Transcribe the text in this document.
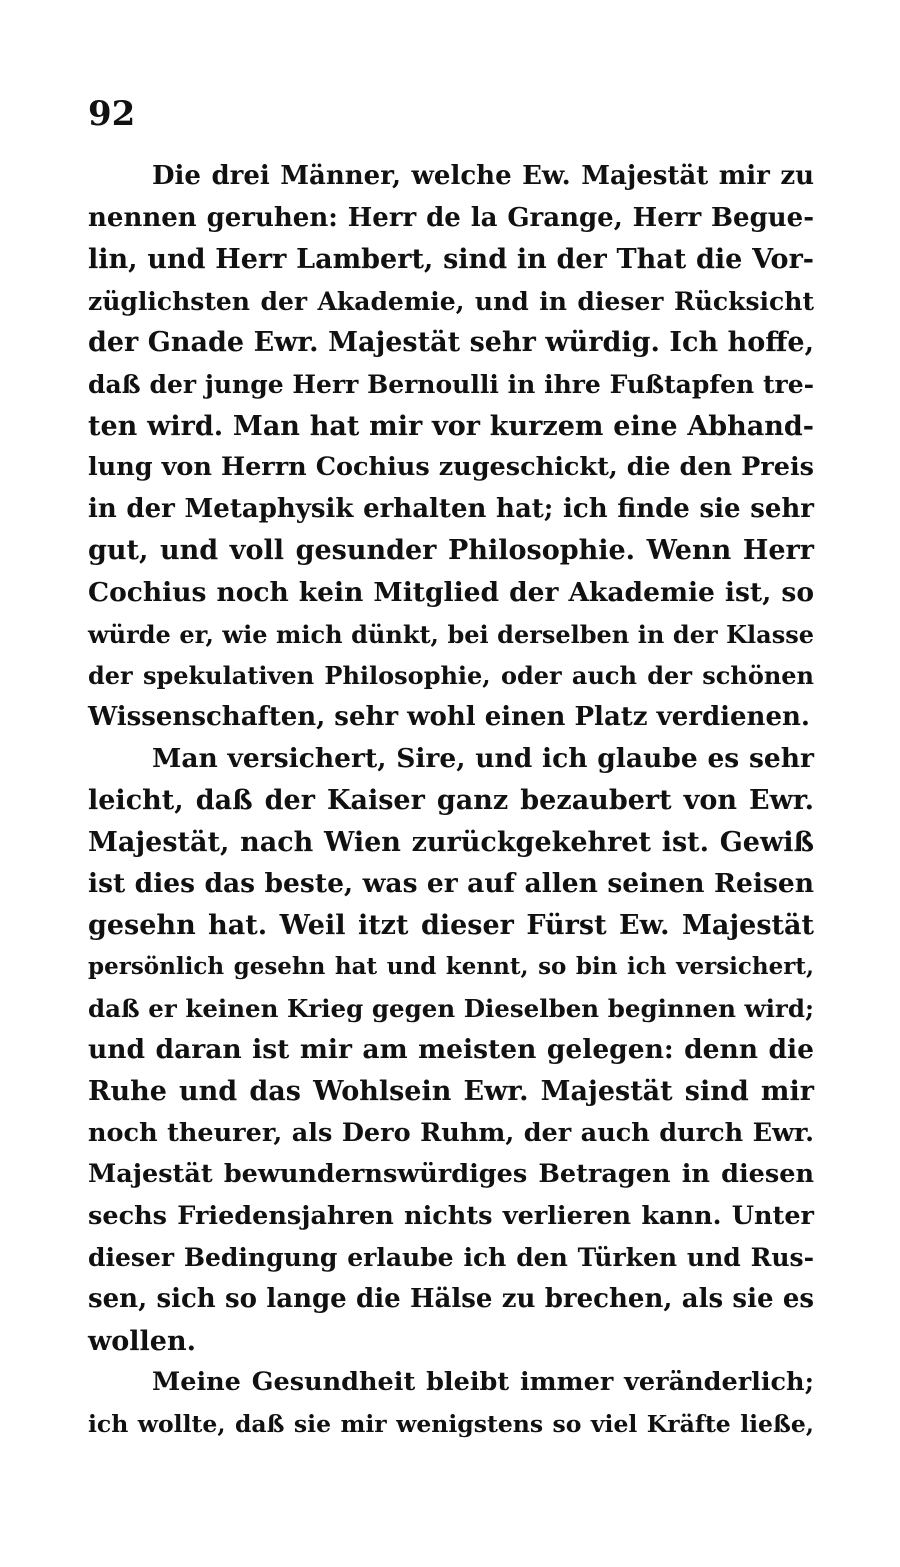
92
Die drei Männer, welche Ew. Majestät mir zu
nennen geruhen: Herr de la Grange, Herr Begue-
lin, und Herr Lambert, sind in der That die Vor-
züglichsten der Akademie, und in dieser Rücksicht
der Gnade Ewr. Majestät sehr würdig. Ich hoffe,
daß der junge Herr Bernoulli in ihre Fußtapfen tre-
ten wird. Man hat mir vor kurzem eine Abhand-
lung von Herrn Cochius zugeschickt, die den Preis
in der Metaphysik erhalten hat; ich finde sie sehr
gut, und voll gesunder Philosophie. Wenn Herr
Cochius noch kein Mitglied der Akademie ist, so
würde er, wie mich dünkt, bei derselben in der Klasse
der spekulativen Philosophie, oder auch der schönen
Wissenschaften, sehr wohl einen Platz verdienen.
Man versichert, Sire, und ich glaube es sehr
leicht, daß der Kaiser ganz bezaubert von Ewr.
Majestät, nach Wien zurückgekehret ist. Gewiß
ist dies das beste, was er auf allen seinen Reisen
gesehn hat. Weil itzt dieser Fürst Ew. Majestät
persönlich gesehn hat und kennt, so bin ich versichert,
daß er keinen Krieg gegen Dieselben beginnen wird;
und daran ist mir am meisten gelegen: denn die
Ruhe und das Wohlsein Ewr. Majestät sind mir
noch theurer, als Dero Ruhm, der auch durch Ewr.
Majestät bewundernswürdiges Betragen in diesen
sechs Friedensjahren nichts verlieren kann. Unter
dieser Bedingung erlaube ich den Türken und Rus-
sen, sich so lange die Hälse zu brechen, als sie es
wollen.
Meine Gesundheit bleibt immer veränderlich;
ich wollte, daß sie mir wenigstens so viel Kräfte ließe,
